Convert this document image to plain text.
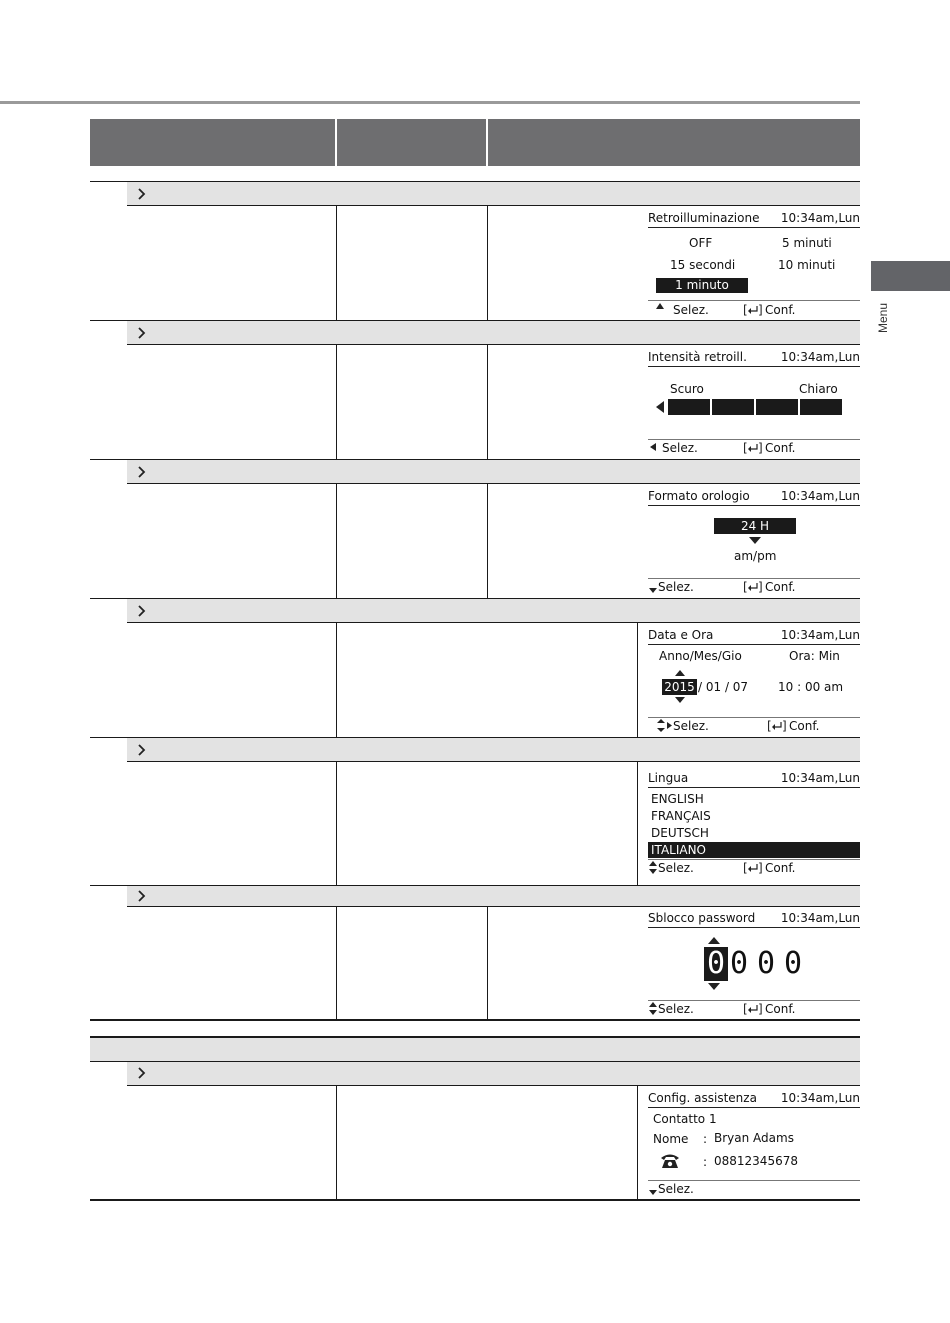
Menu
Retroilluminazione 10:34am,Lun
OFF	5 minuti
15 secondi	10 minuti
1 minuto
Selez.	[ ] Conf.
Intensità retroill.	10:34am,Lun
Scuro	Chiaro
Selez.	[ ] Conf.
Formato orologio	10:34am,Lun
24 H
am/pm
Selez.	[ ] Conf.
Data e Ora	10:34am,Lun
Anno/Mes/Gio	Ora: Min
2015 / 01 / 07 10 : 00 am
Selez.	[ ] Conf.
Lingua	10:34am,Lun
ENGLISH
FRANÇAIS
DEUTSCH
ITALIANO
Selez.	[ ] Conf.
Sblocco password 10:34am,Lun
0 0 0 0
Selez.	[ ] Conf.
Config. assistenza 10:34am,Lun
Contatto 1
Nome : Bryan Adams
: 08812345678
Selez.
